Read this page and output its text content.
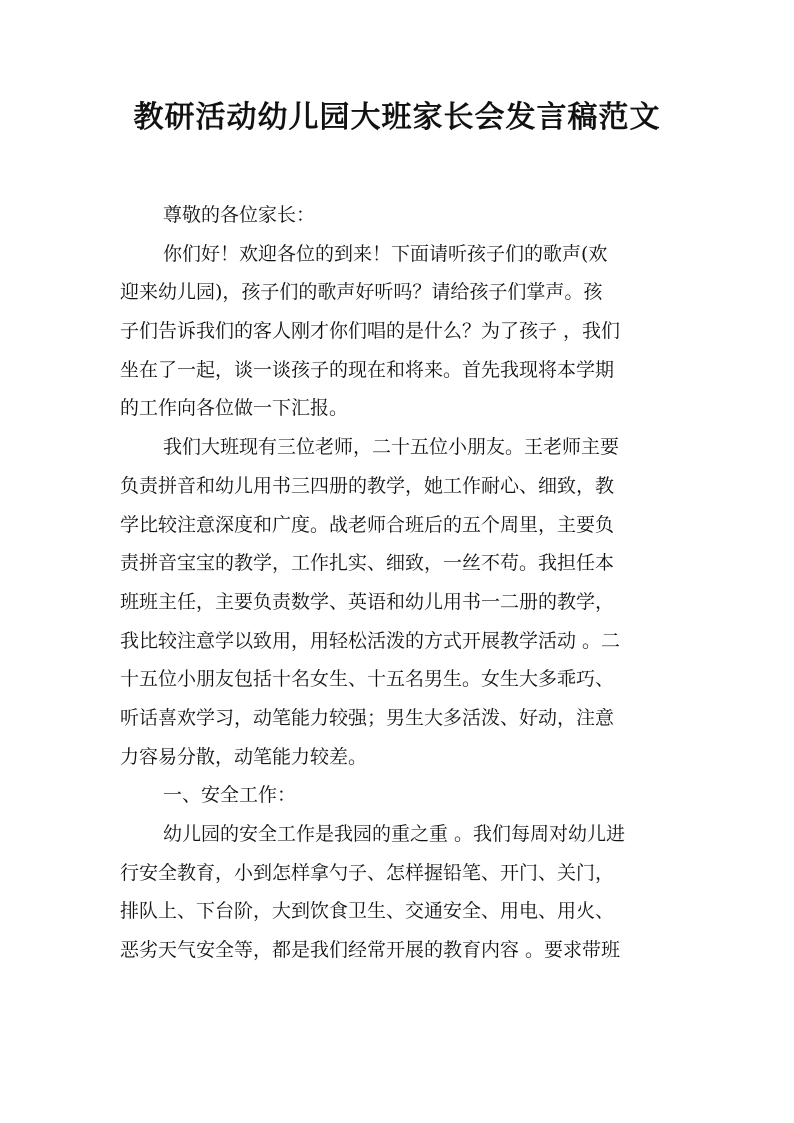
教研活动幼儿园大班家长会发言稿范文
尊敬的各位家长：
你们好！欢迎各位的到来！下面请听孩子们的歌声(欢
迎来幼儿园)，孩子们的歌声好听吗？请给孩子们掌声。孩
子们告诉我们的客人刚才你们唱的是什么？为了孩子 ，我们
坐在了一起，谈一谈孩子的现在和将来。首先我现将本学期
的工作向各位做一下汇报。
我们大班现有三位老师，二十五位小朋友。王老师主要
负责拼音和幼儿用书三四册的教学，她工作耐心、细致，教
学比较注意深度和广度。战老师合班后的五个周里，主要负
责拼音宝宝的教学，工作扎实、细致，一丝不苟。我担任本
班班主任，主要负责数学、英语和幼儿用书一二册的教学，
我比较注意学以致用，用轻松活泼的方式开展教学活动 。二
十五位小朋友包括十名女生、十五名男生。女生大多乖巧、
听话喜欢学习，动笔能力较强；男生大多活泼、好动，注意
力容易分散，动笔能力较差。
一、安全工作：
幼儿园的安全工作是我园的重之重 。我们每周对幼儿进
行安全教育，小到怎样拿勺子、怎样握铅笔、开门、关门，
排队上、下台阶，大到饮食卫生、交通安全、用电、用火、
恶劣天气安全等，都是我们经常开展的教育内容 。要求带班
